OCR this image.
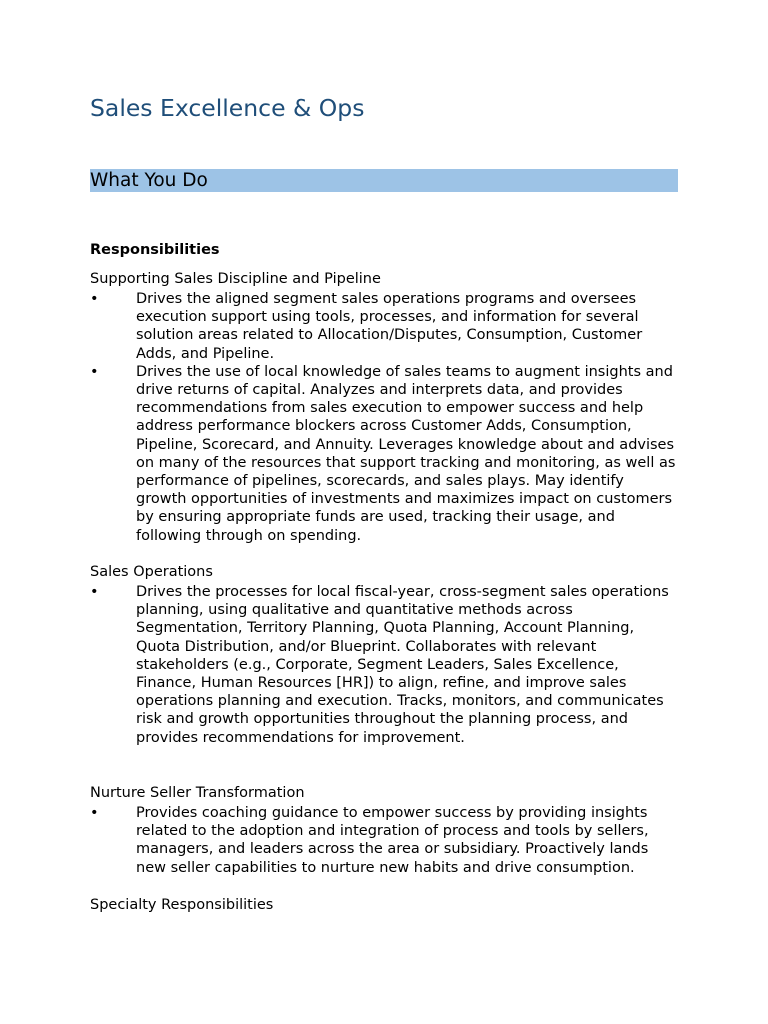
Sales Excellence & Ops
What You Do
Responsibilities

Supporting Sales Discipline and Pipeline

•	Drives the aligned segment sales operations programs and oversees execution support using tools, processes, and information for several solution areas related to Allocation/Disputes, Consumption, Customer Adds, and Pipeline.
•	Drives the use of local knowledge of sales teams to augment insights and drive returns of capital. Analyzes and interprets data, and provides recommendations from sales execution to empower success and help address performance blockers across Customer Adds, Consumption, Pipeline, Scorecard, and Annuity. Leverages knowledge about and advises on many of the resources that support tracking and monitoring, as well as performance of pipelines, scorecards, and sales plays. May identify growth opportunities of investments and maximizes impact on customers by ensuring appropriate funds are used, tracking their usage, and following through on spending.

Sales Operations

•	Drives the processes for local fiscal-year, cross-segment sales operations planning, using qualitative and quantitative methods across Segmentation, Territory Planning, Quota Planning, Account Planning, Quota Distribution, and/or Blueprint. Collaborates with relevant stakeholders (e.g., Corporate, Segment Leaders, Sales Excellence, Finance, Human Resources [HR]) to align, refine, and improve sales operations planning and execution. Tracks, monitors, and communicates risk and growth opportunities throughout the planning process, and provides recommendations for improvement.

Nurture Seller Transformation

•	Provides coaching guidance to empower success by providing insights related to the adoption and integration of process and tools by sellers, managers, and leaders across the area or subsidiary. Proactively lands new seller capabilities to nurture new habits and drive consumption.

Specialty Responsibilities
